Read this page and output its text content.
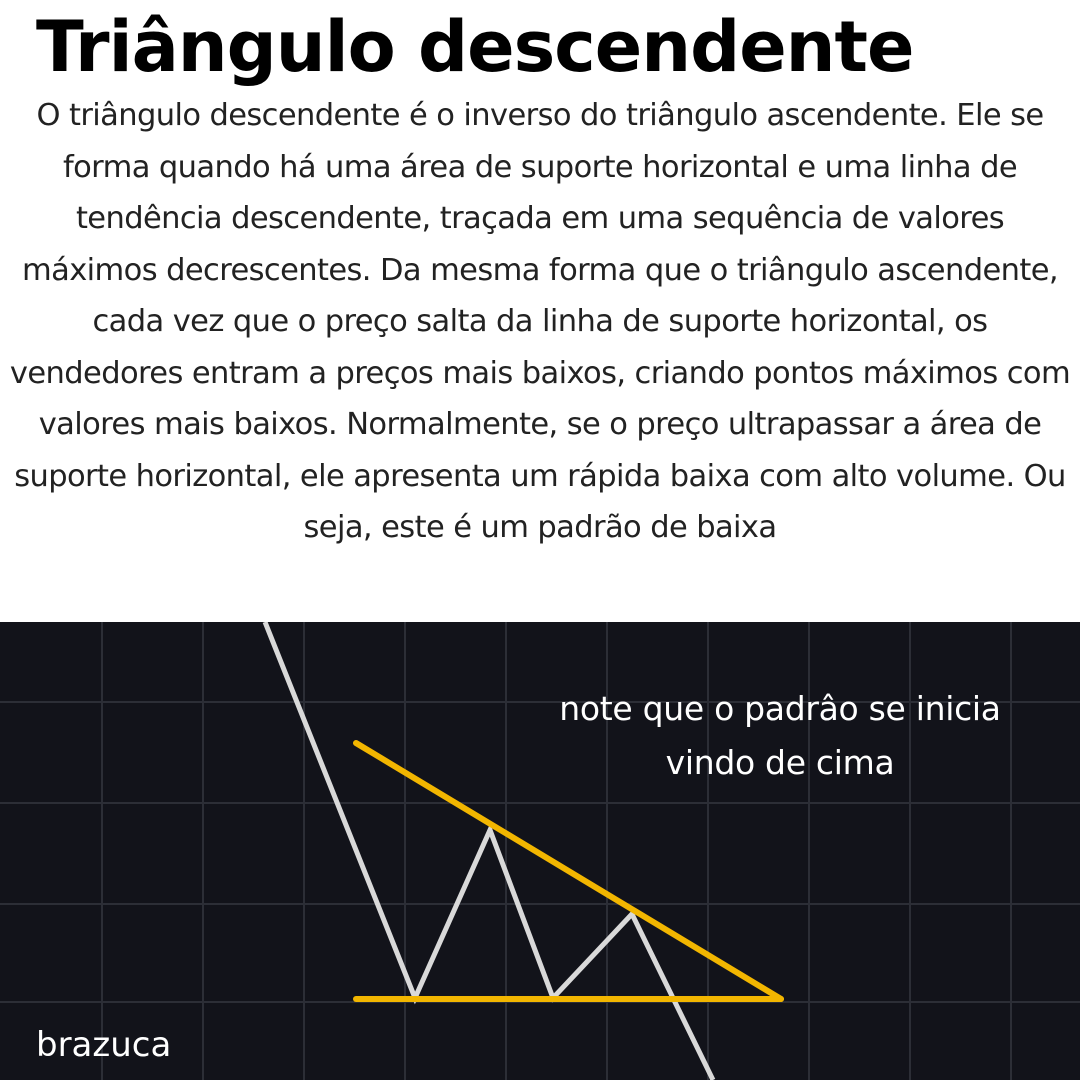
Triângulo descendente

O triângulo descendente é o inverso do triângulo ascendente. Ele se forma quando há uma área de suporte horizontal e uma linha de tendência descendente, traçada em uma sequência de valores máximos decrescentes. Da mesma forma que o triângulo ascendente, cada vez que o preço salta da linha de suporte horizontal, os vendedores entram a preços mais baixos, criando pontos máximos com valores mais baixos. Normalmente, se o preço ultrapassar a área de suporte horizontal, ele apresenta um rápida baixa com alto volume. Ou seja, este é um padrão de baixa

note que o padrâo se inicia
vindo de cima

brazuca
